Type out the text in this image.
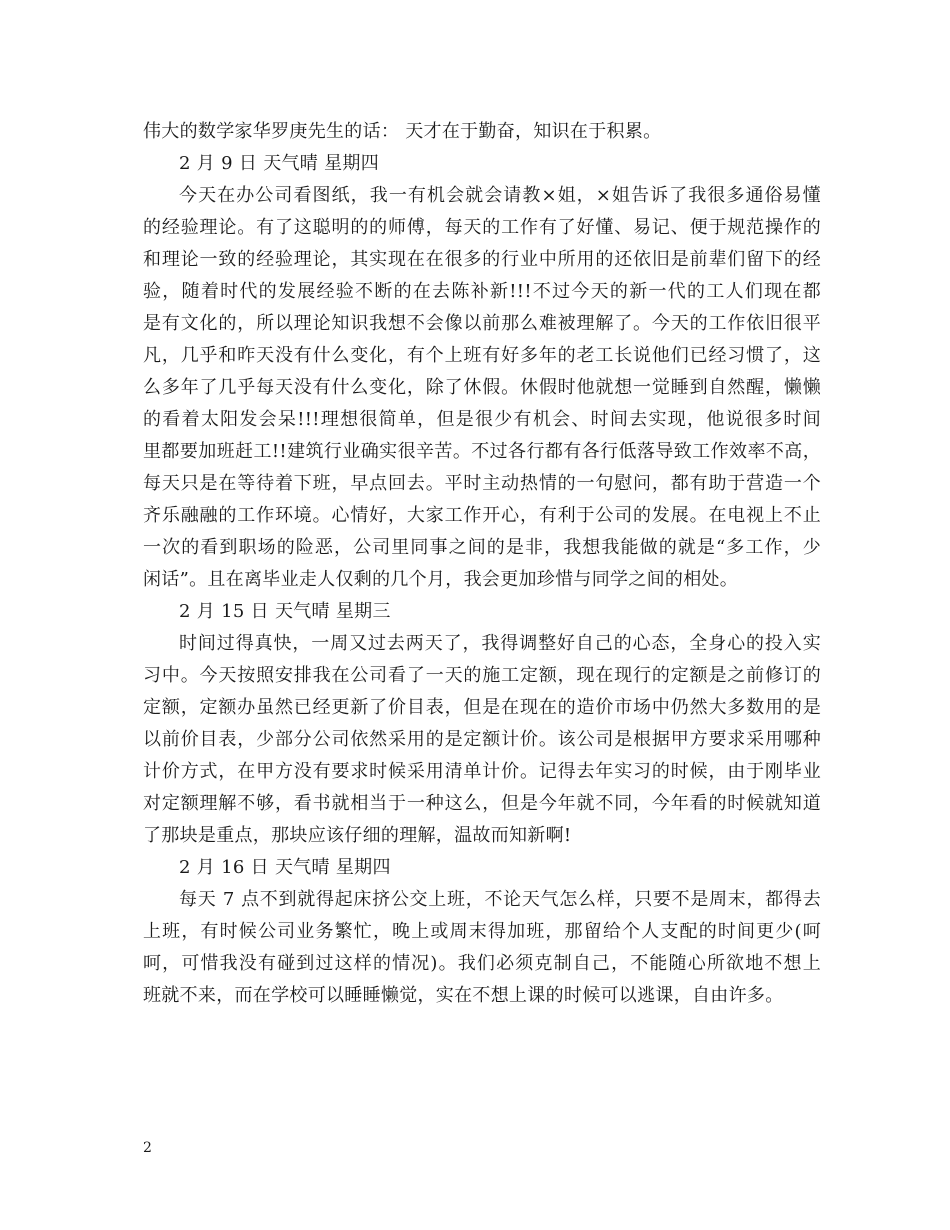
伟大的数学家华罗庚先生的话： 天才在于勤奋，知识在于积累。
2 月 9 日 天气晴 星期四
今天在办公司看图纸，我一有机会就会请教×姐，×姐告诉了我很多通俗易懂
的经验理论。有了这聪明的的师傅，每天的工作有了好懂、易记、便于规范操作的
和理论一致的经验理论，其实现在在很多的行业中所用的还依旧是前辈们留下的经
验，随着时代的发展经验不断的在去陈补新!!!不过今天的新一代的工人们现在都
是有文化的，所以理论知识我想不会像以前那么难被理解了。今天的工作依旧很平
凡，几乎和昨天没有什么变化，有个上班有好多年的老工长说他们已经习惯了，这
么多年了几乎每天没有什么变化，除了休假。休假时他就想一觉睡到自然醒，懒懒
的看着太阳发会呆!!!理想很简单，但是很少有机会、时间去实现，他说很多时间
里都要加班赶工!!建筑行业确实很辛苦。不过各行都有各行低落导致工作效率不高，
每天只是在等待着下班，早点回去。平时主动热情的一句慰问，都有助于营造一个
齐乐融融的工作环境。心情好，大家工作开心，有利于公司的发展。在电视上不止
一次的看到职场的险恶，公司里同事之间的是非，我想我能做的就是“多工作，少
闲话”。且在离毕业走人仅剩的几个月，我会更加珍惜与同学之间的相处。
2 月 15 日 天气晴 星期三
时间过得真快，一周又过去两天了，我得调整好自己的心态，全身心的投入实
习中。今天按照安排我在公司看了一天的施工定额，现在现行的定额是之前修订的
定额，定额办虽然已经更新了价目表，但是在现在的造价市场中仍然大多数用的是
以前价目表，少部分公司依然采用的是定额计价。该公司是根据甲方要求采用哪种
计价方式，在甲方没有要求时候采用清单计价。记得去年实习的时候，由于刚毕业
对定额理解不够，看书就相当于一种这么，但是今年就不同，今年看的时候就知道
了那块是重点，那块应该仔细的理解，温故而知新啊!
2 月 16 日 天气晴 星期四
每天 7 点不到就得起床挤公交上班，不论天气怎么样，只要不是周末，都得去
上班，有时候公司业务繁忙，晚上或周末得加班，那留给个人支配的时间更少(呵
呵，可惜我没有碰到过这样的情况)。我们必须克制自己，不能随心所欲地不想上
班就不来，而在学校可以睡睡懒觉，实在不想上课的时候可以逃课，自由许多。
2
